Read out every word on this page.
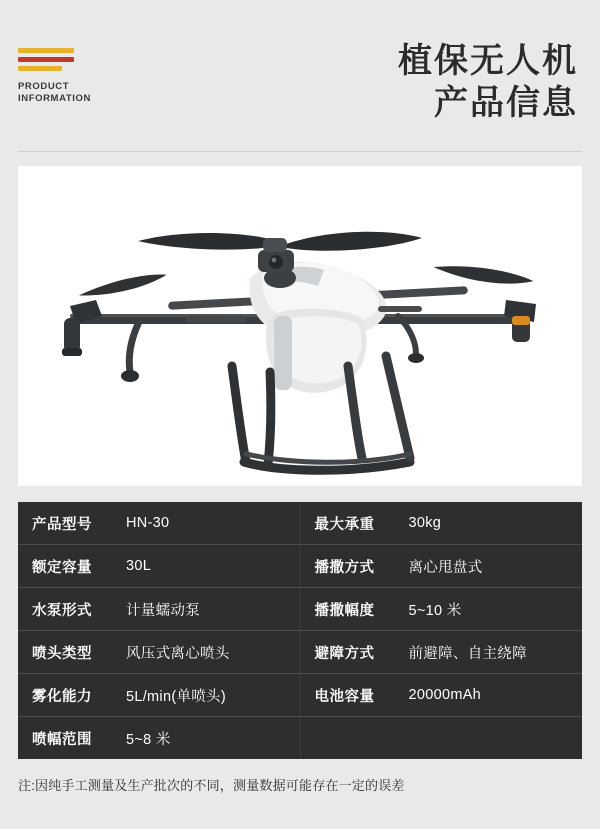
PRODUCT
INFORMATION
植保无人机
产品信息
产品型号	HN-30	最大承重	30kg
额定容量	30L	播撒方式	离心甩盘式
水泵形式	计量蠕动泵	播撒幅度	5~10 米
喷头类型	风压式离心喷头	避障方式	前避障、自主绕障
雾化能力	5L/min(单喷头)	电池容量	20000mAh
喷幅范围	5~8 米
注:因纯手工测量及生产批次的不同，测量数据可能存在一定的误差
